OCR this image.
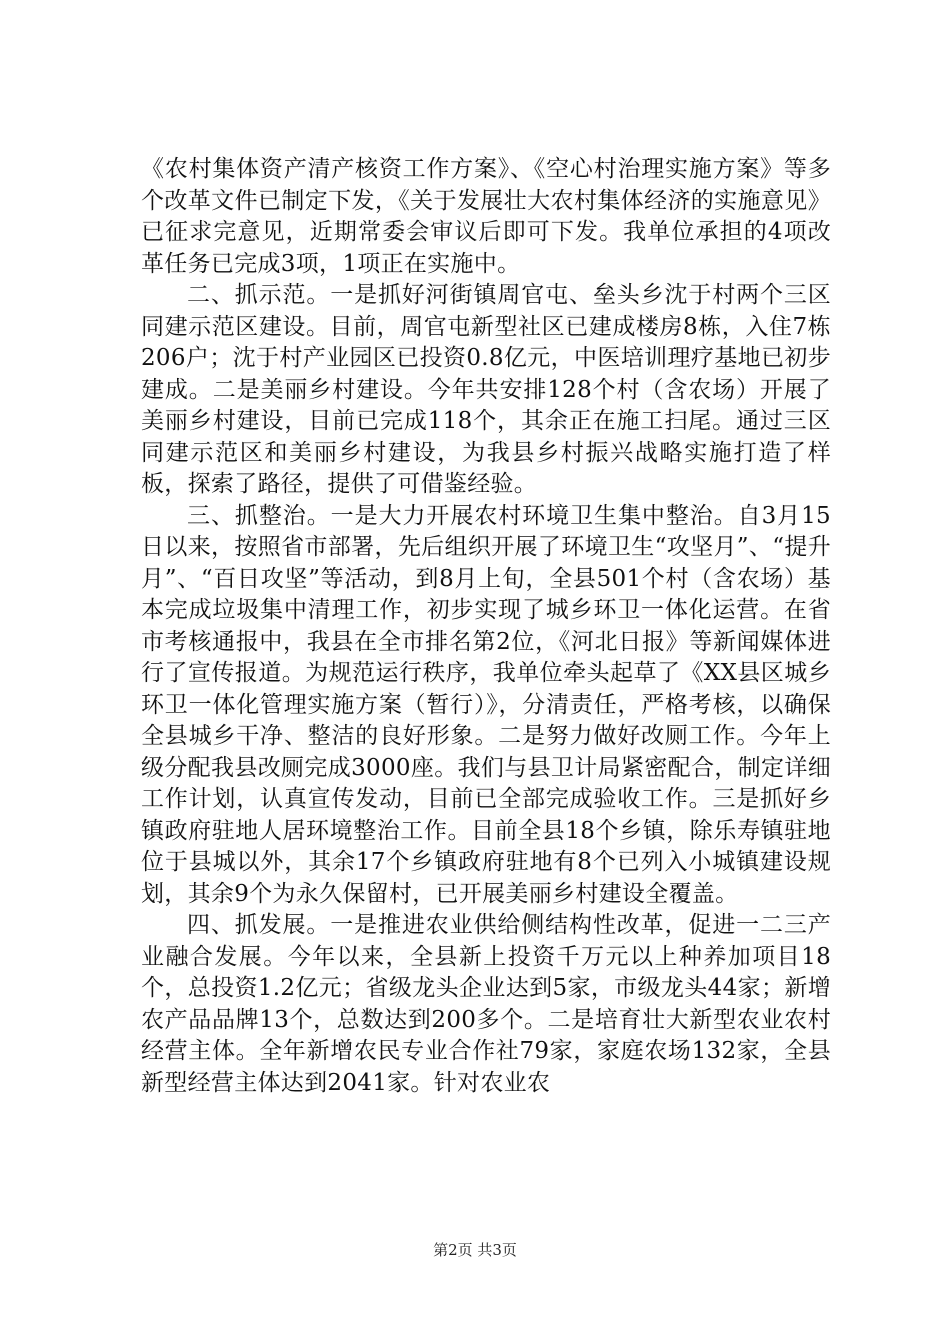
《农村集体资产清产核资工作方案》、《空心村治理实施方案》等多个改革文件已制定下发，《关于发展壮大农村集体经济的实施意见》已征求完意见，近期常委会审议后即可下发。我单位承担的4项改革任务已完成3项，1项正在实施中。

二、抓示范。一是抓好河街镇周官屯、垒头乡沈于村两个三区同建示范区建设。目前，周官屯新型社区已建成楼房8栋，入住7栋206户；沈于村产业园区已投资0.8亿元，中医培训理疗基地已初步建成。二是美丽乡村建设。今年共安排128个村（含农场）开展了美丽乡村建设，目前已完成118个，其余正在施工扫尾。通过三区同建示范区和美丽乡村建设，为我县乡村振兴战略实施打造了样板，探索了路径，提供了可借鉴经验。

三、抓整治。一是大力开展农村环境卫生集中整治。自3月15日以来，按照省市部署，先后组织开展了环境卫生“攻坚月”、“提升月”、“百日攻坚”等活动，到8月上旬，全县501个村（含农场）基本完成垃圾集中清理工作，初步实现了城乡环卫一体化运营。在省市考核通报中，我县在全市排名第2位，《河北日报》等新闻媒体进行了宣传报道。为规范运行秩序，我单位牵头起草了《XX县区城乡环卫一体化管理实施方案（暂行）》，分清责任，严格考核，以确保全县城乡干净、整洁的良好形象。二是努力做好改厕工作。今年上级分配我县改厕完成3000座。我们与县卫计局紧密配合，制定详细工作计划，认真宣传发动，目前已全部完成验收工作。三是抓好乡镇政府驻地人居环境整治工作。目前全县18个乡镇，除乐寿镇驻地位于县城以外，其余17个乡镇政府驻地有8个已列入小城镇建设规划，其余9个为永久保留村，已开展美丽乡村建设全覆盖。

四、抓发展。一是推进农业供给侧结构性改革，促进一二三产业融合发展。今年以来，全县新上投资千万元以上种养加项目18个，总投资1.2亿元；省级龙头企业达到5家，市级龙头44家；新增农产品品牌13个，总数达到200多个。二是培育壮大新型农业农村经营主体。全年新增农民专业合作社79家，家庭农场132家，全县新型经营主体达到2041家。针对农业农

第2页 共3页
